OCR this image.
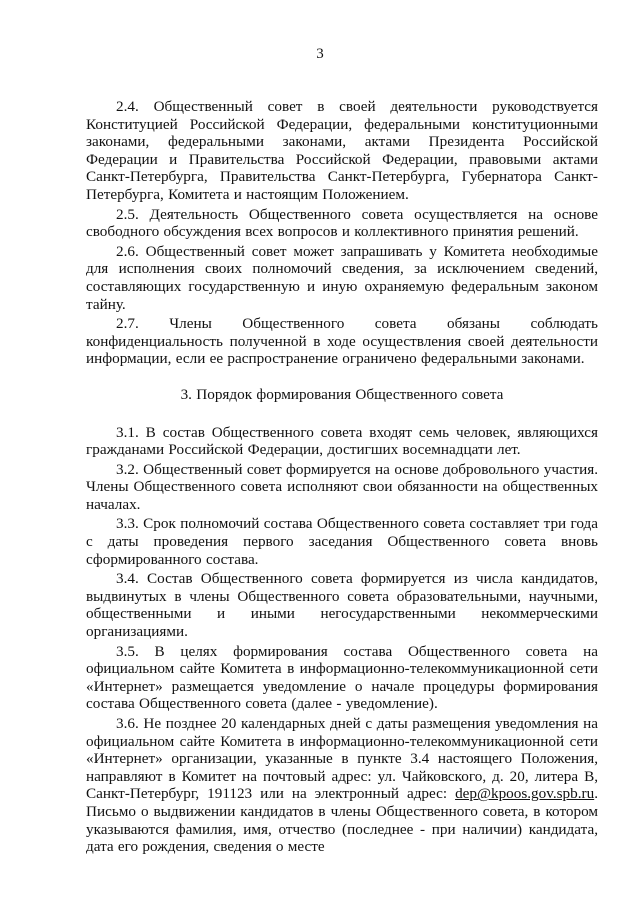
3

2.4. Общественный совет в своей деятельности руководствуется Конституцией Российской Федерации, федеральными конституционными законами, федеральными законами, актами Президента Российской Федерации и Правительства Российской Федерации, правовыми актами Санкт-Петербурга, Правительства Санкт-Петербурга, Губернатора Санкт-Петербурга, Комитета и настоящим Положением.

2.5. Деятельность Общественного совета осуществляется на основе свободного обсуждения всех вопросов и коллективного принятия решений.

2.6. Общественный совет может запрашивать у Комитета необходимые для исполнения своих полномочий сведения, за исключением сведений, составляющих государственную и иную охраняемую федеральным законом тайну.

2.7. Члены Общественного совета обязаны соблюдать конфиденциальность полученной в ходе осуществления своей деятельности информации, если ее распространение ограничено федеральными законами.

3. Порядок формирования Общественного совета

3.1. В состав Общественного совета входят семь человек, являющихся гражданами Российской Федерации, достигших восемнадцати лет.

3.2. Общественный совет формируется на основе добровольного участия. Члены Общественного совета исполняют свои обязанности на общественных началах.

3.3. Срок полномочий состава Общественного совета составляет три года с даты проведения первого заседания Общественного совета вновь сформированного состава.

3.4. Состав Общественного совета формируется из числа кандидатов, выдвинутых в члены Общественного совета образовательными, научными, общественными и иными негосударственными некоммерческими организациями.

3.5. В целях формирования состава Общественного совета на официальном сайте Комитета в информационно-телекоммуникационной сети «Интернет» размещается уведомление о начале процедуры формирования состава Общественного совета (далее - уведомление).

3.6. Не позднее 20 календарных дней с даты размещения уведомления на официальном сайте Комитета в информационно-телекоммуникационной сети «Интернет» организации, указанные в пункте 3.4 настоящего Положения, направляют в Комитет на почтовый адрес: ул. Чайковского, д. 20, литера В, Санкт-Петербург, 191123 или на электронный адрес: dep@kpoos.gov.spb.ru. Письмо о выдвижении кандидатов в члены Общественного совета, в котором указываются фамилия, имя, отчество (последнее - при наличии) кандидата, дата его рождения, сведения о месте
